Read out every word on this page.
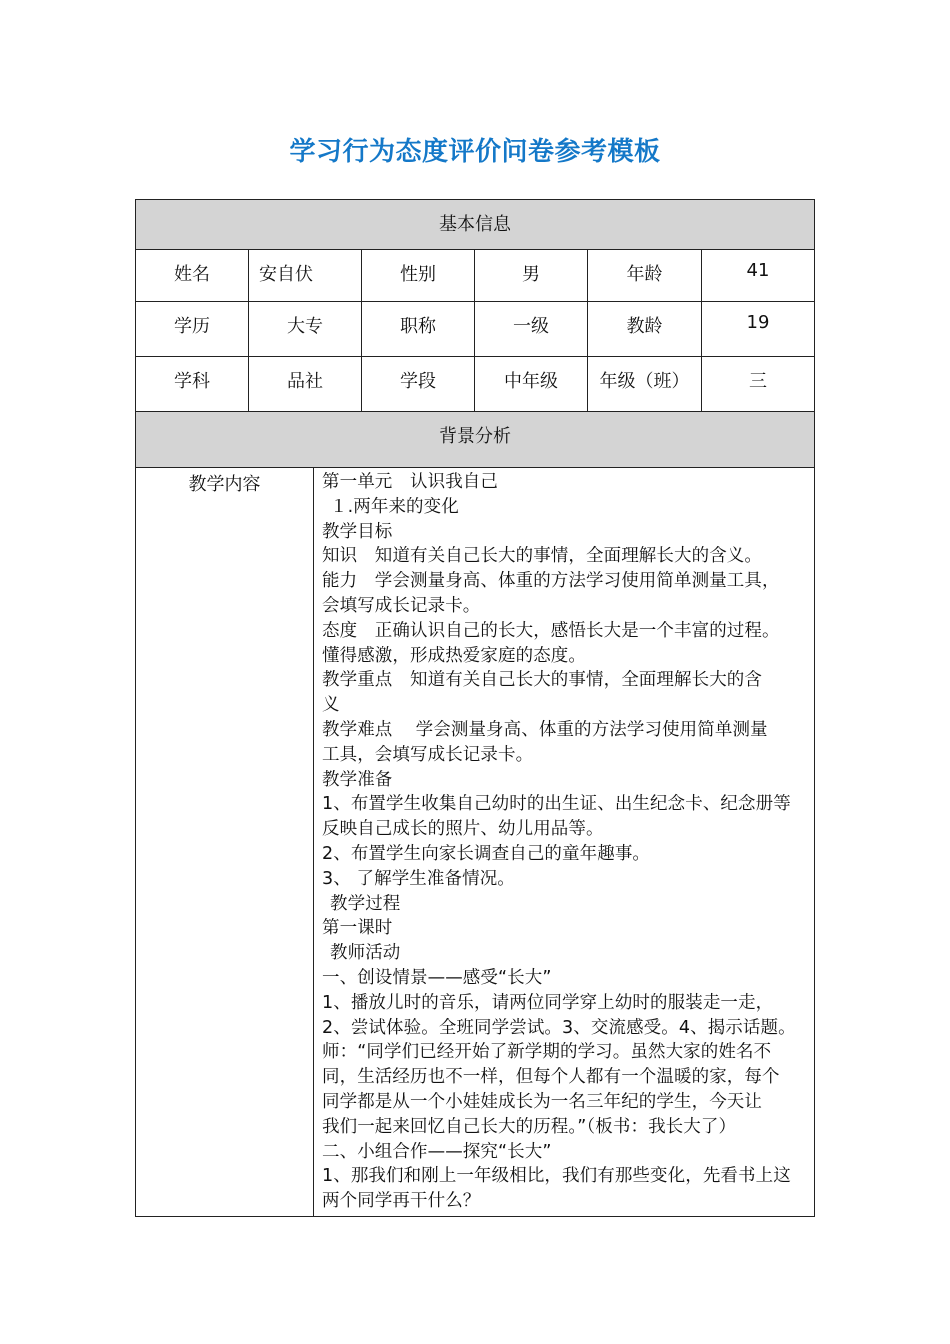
学习行为态度评价问卷参考模板
基本信息
姓名	安自伏	性别	男	年龄	41
学历	大专	职称	一级	教龄	19
学科	品社	学段	中年级	年级（班）	三
背景分析
教学内容	第一单元　认识我自己
１.两年来的变化
教学目标
知识　知道有关自己长大的事情，全面理解长大的含义。
能力　学会测量身高、体重的方法学习使用简单测量工具，
会填写成长记录卡。
态度　正确认识自己的长大，感悟长大是一个丰富的过程。
懂得感激，形成热爱家庭的态度。
教学重点　知道有关自己长大的事情，全面理解长大的含
义
教学难点　 学会测量身高、体重的方法学习使用简单测量
工具，会填写成长记录卡。
教学准备
1、布置学生收集自己幼时的出生证、出生纪念卡、纪念册等
反映自己成长的照片、幼儿用品等。
2、布置学生向家长调查自己的童年趣事。
3、 了解学生准备情况。
教学过程
第一课时
教师活动
一、创设情景——感受“长大”
1、播放儿时的音乐，请两位同学穿上幼时的服装走一走，
2、尝试体验。全班同学尝试。3、交流感受。4、揭示话题。
师：“同学们已经开始了新学期的学习。虽然大家的姓名不
同，生活经历也不一样，但每个人都有一个温暖的家，每个
同学都是从一个小娃娃成长为一名三年纪的学生，今天让
我们一起来回忆自己长大的历程。”（板书：我长大了）
二、小组合作——探究“长大”
1、那我们和刚上一年级相比，我们有那些变化，先看书上这
两个同学再干什么？
